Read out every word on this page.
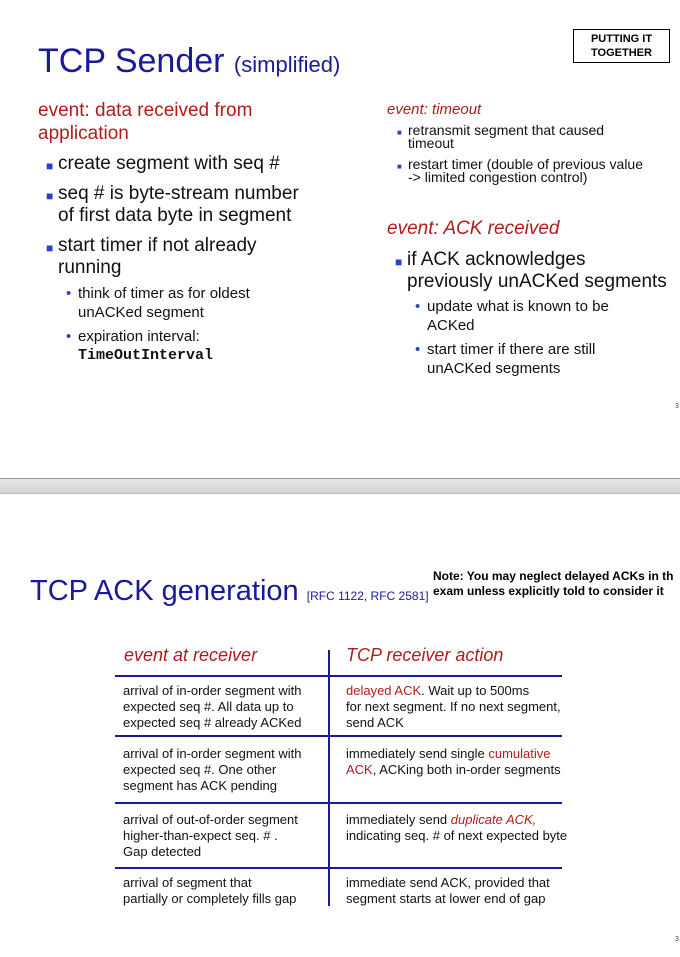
TCP Sender (simplified)
PUTTING IT
TOGETHER
event: data received from
application
■ create segment with seq #
■ seq # is byte-stream number
of first data byte in segment
■ start timer if not already
running
• think of timer as for oldest
unACKed segment
• expiration interval:
TimeOutInterval
event: timeout
■ retransmit segment that caused
timeout
■ restart timer (double of previous value
-> limited congestion control)
event: ACK received
■ if ACK acknowledges
previously unACKed segments
• update what is known to be
ACKed
• start timer if there are still
unACKed segments
3
TCP ACK generation [RFC 1122, RFC 2581]
Note: You may neglect delayed ACKs in th
exam unless explicitly told to consider it
event at receiver	TCP receiver action
arrival of in-order segment with
expected seq #. All data up to
expected seq # already ACKed
delayed ACK. Wait up to 500ms
for next segment. If no next segment,
send ACK
arrival of in-order segment with
expected seq #. One other
segment has ACK pending
immediately send single cumulative
ACK, ACKing both in-order segments
arrival of out-of-order segment
higher-than-expect seq. # .
Gap detected
immediately send duplicate ACK,
indicating seq. # of next expected byte
arrival of segment that
partially or completely fills gap
immediate send ACK, provided that
segment starts at lower end of gap
3
